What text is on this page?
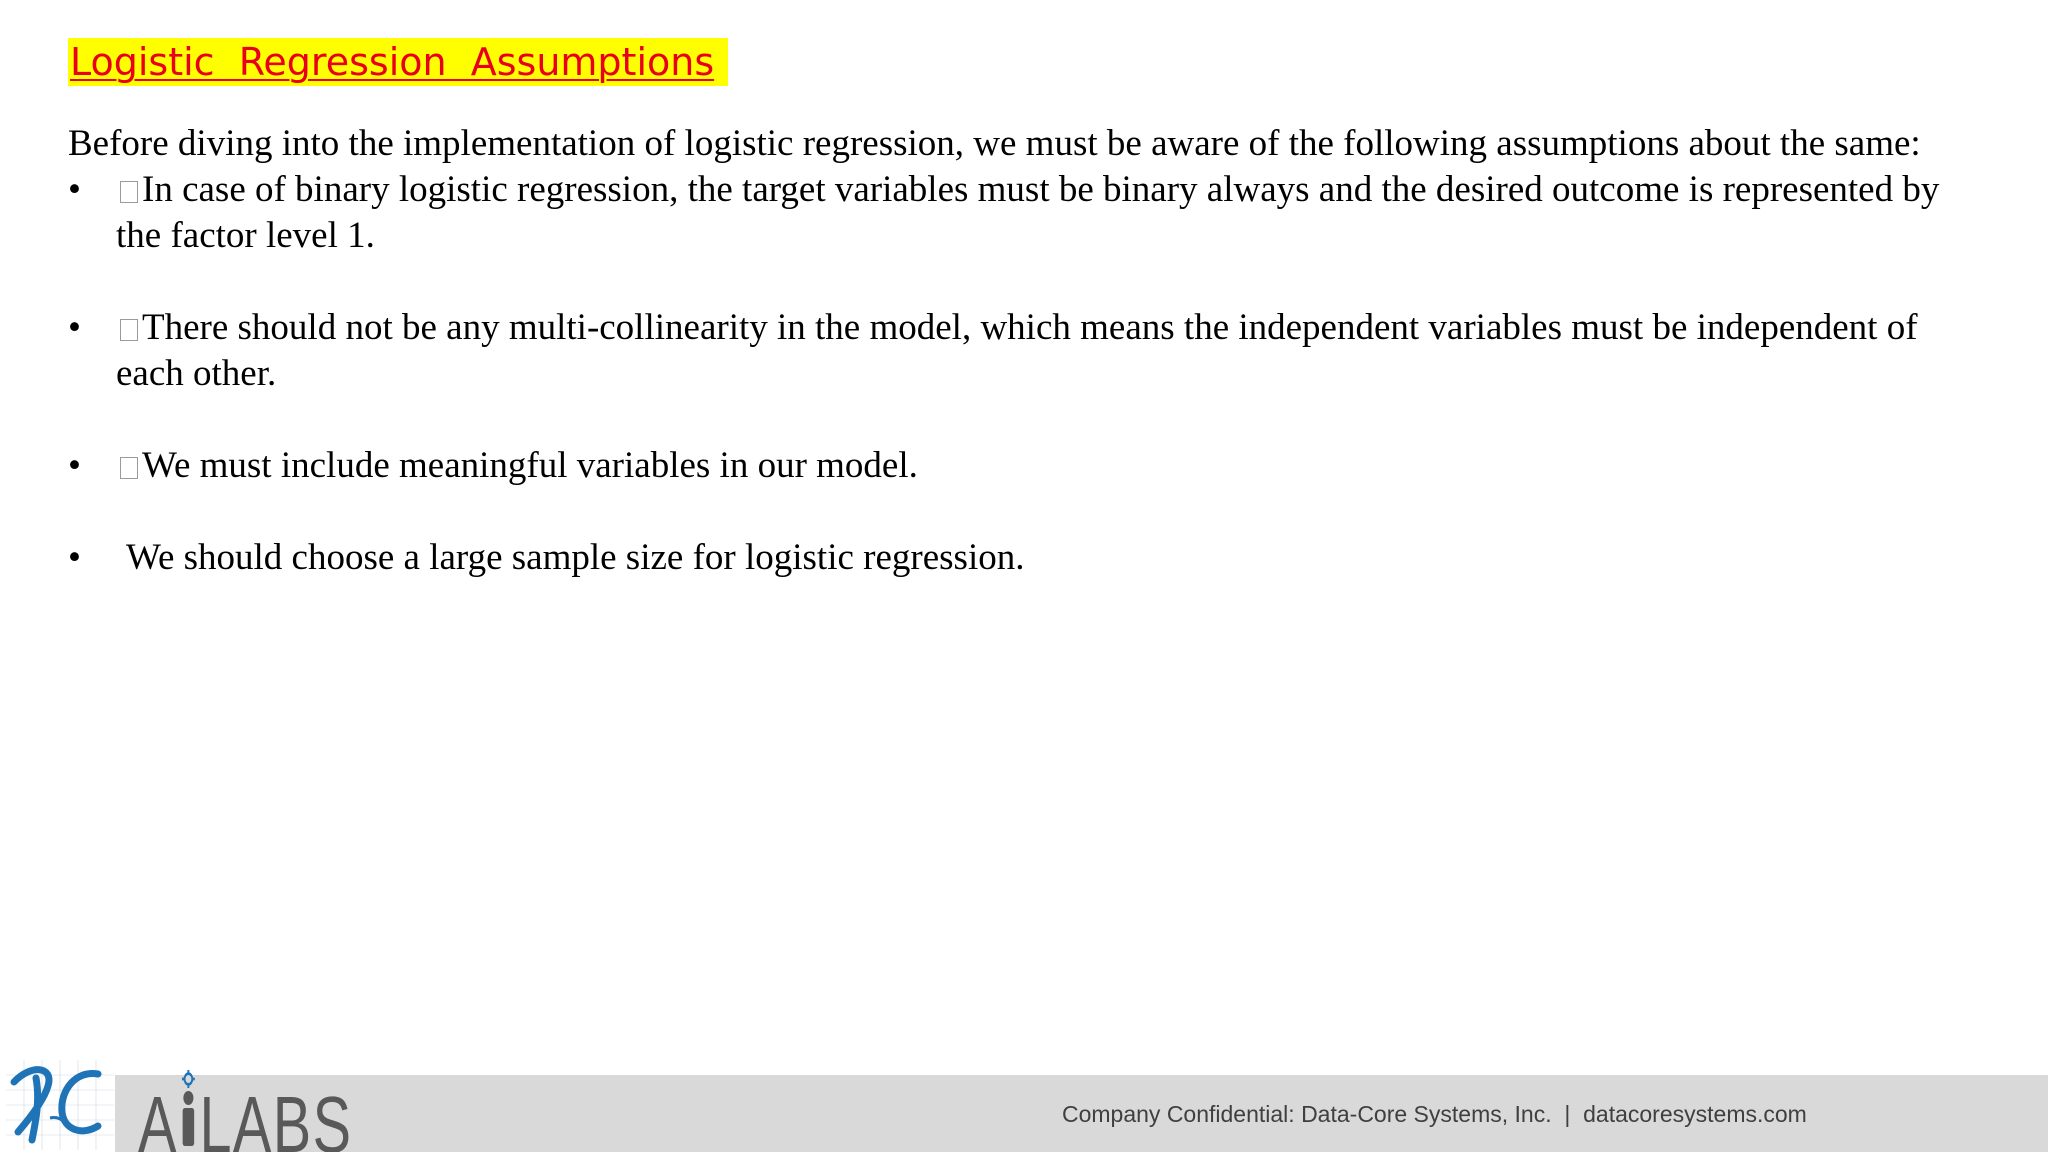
Logistic  Regression  Assumptions

Before diving into the implementation of logistic regression, we must be aware of the following assumptions about the same:

• In case of binary logistic regression, the target variables must be binary always and the desired outcome is represented by the factor level 1.
• There should not be any multi-collinearity in the model, which means the independent variables must be independent of each other.
• We must include meaningful variables in our model.
• We should choose a large sample size for logistic regression.
A LABS	Company Confidential: Data-Core Systems, Inc.  |  datacoresystems.com
